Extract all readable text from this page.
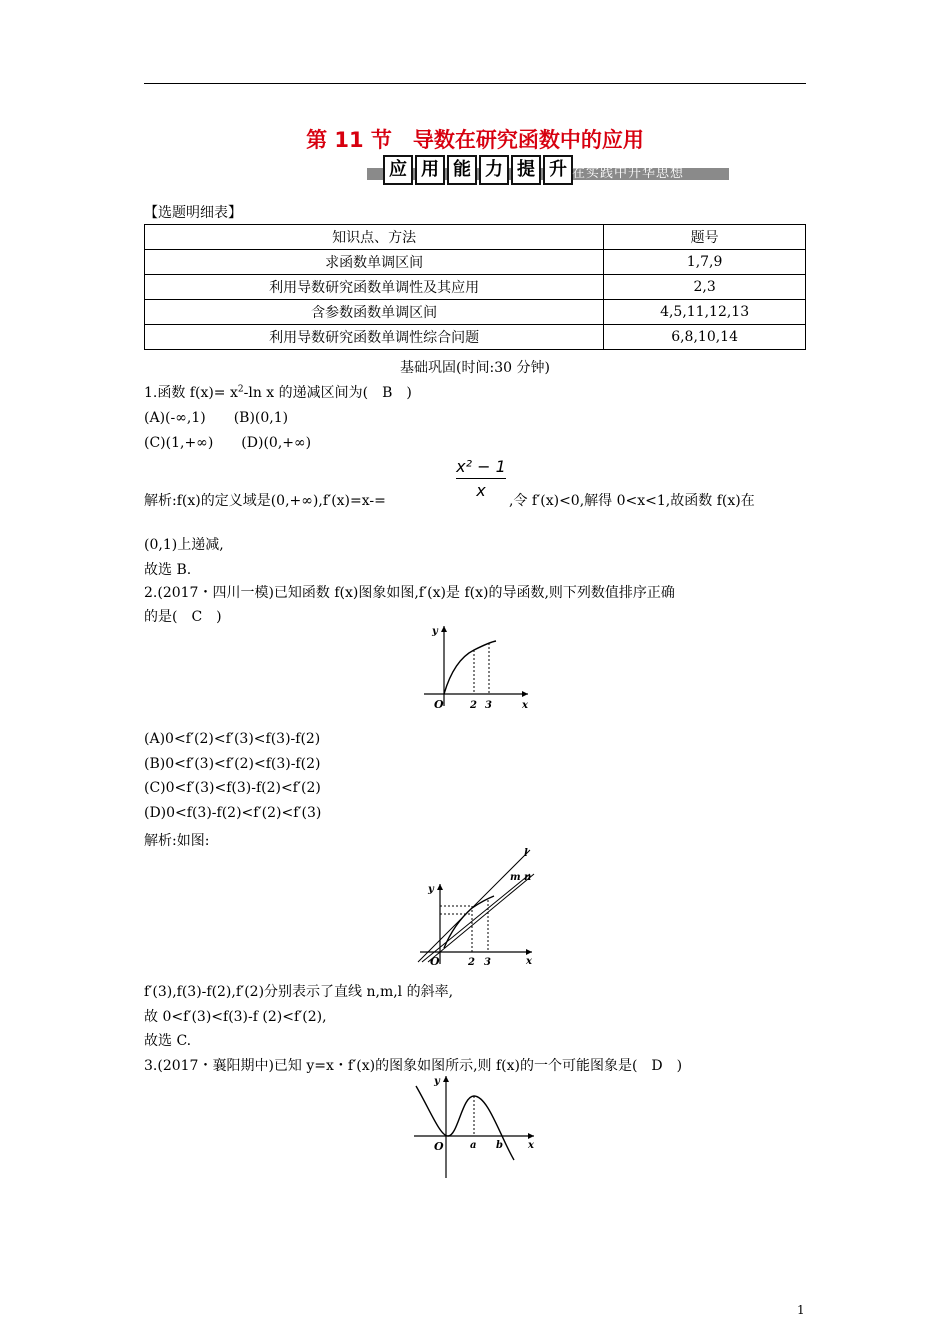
第 11 节　导数在研究函数中的应用
应 用 能 力 提 升 在实践中升华思想
【选题明细表】
知识点、方法	题号
求函数单调区间	1,7,9
利用导数研究函数单调性及其应用	2,3
含参数函数单调区间	4,5,11,12,13
利用导数研究函数单调性综合问题	6,8,10,14
基础巩固(时间:30 分钟)
1.函数 $f(x)= x^2-\ln$ x 的递减区间为(　B　)
(A)(-∞,1)　　(B)(0,1)
(C)(1,+∞)　　(D)(0,+∞)
$\frac{\text{x² − 1}}{x}$
解析:f(x)的定义域是(0,+∞),f′(x)=x-=	,令 f′(x)<0,解得 0<x<1,故函数 f(x)在
(0,1)上递减,
故选 B.
2.(2017・四川一模)已知函数 f(x)图象如图,f′(x)是 f(x)的导函数,则下列数值排序正确
的是(　C　)
y
x
O	2 3
(A)0<f′(2)<f′(3)<f(3)-f(2)
(B)0<f′(3)<f′(2)<f(3)-f(2)
(C)0<f′(3)<f(3)-f(2)<f′(2)
(D)0<f(3)-f(2)<f′(2)<f′(3)
解析:如图:
y
x
O	2 3
l
m n
f′(3),f(3)-f(2),f′(2)分别表示了直线 n,m,l 的斜率,
故 0<f′(3)<f(3)-f (2)<f′(2),
故选 C.
3.(2017・襄阳期中)已知 y=x・f′(x)的图象如图所示,则 f(x)的一个可能图象是(　D　)
y
x
O	a b
1
